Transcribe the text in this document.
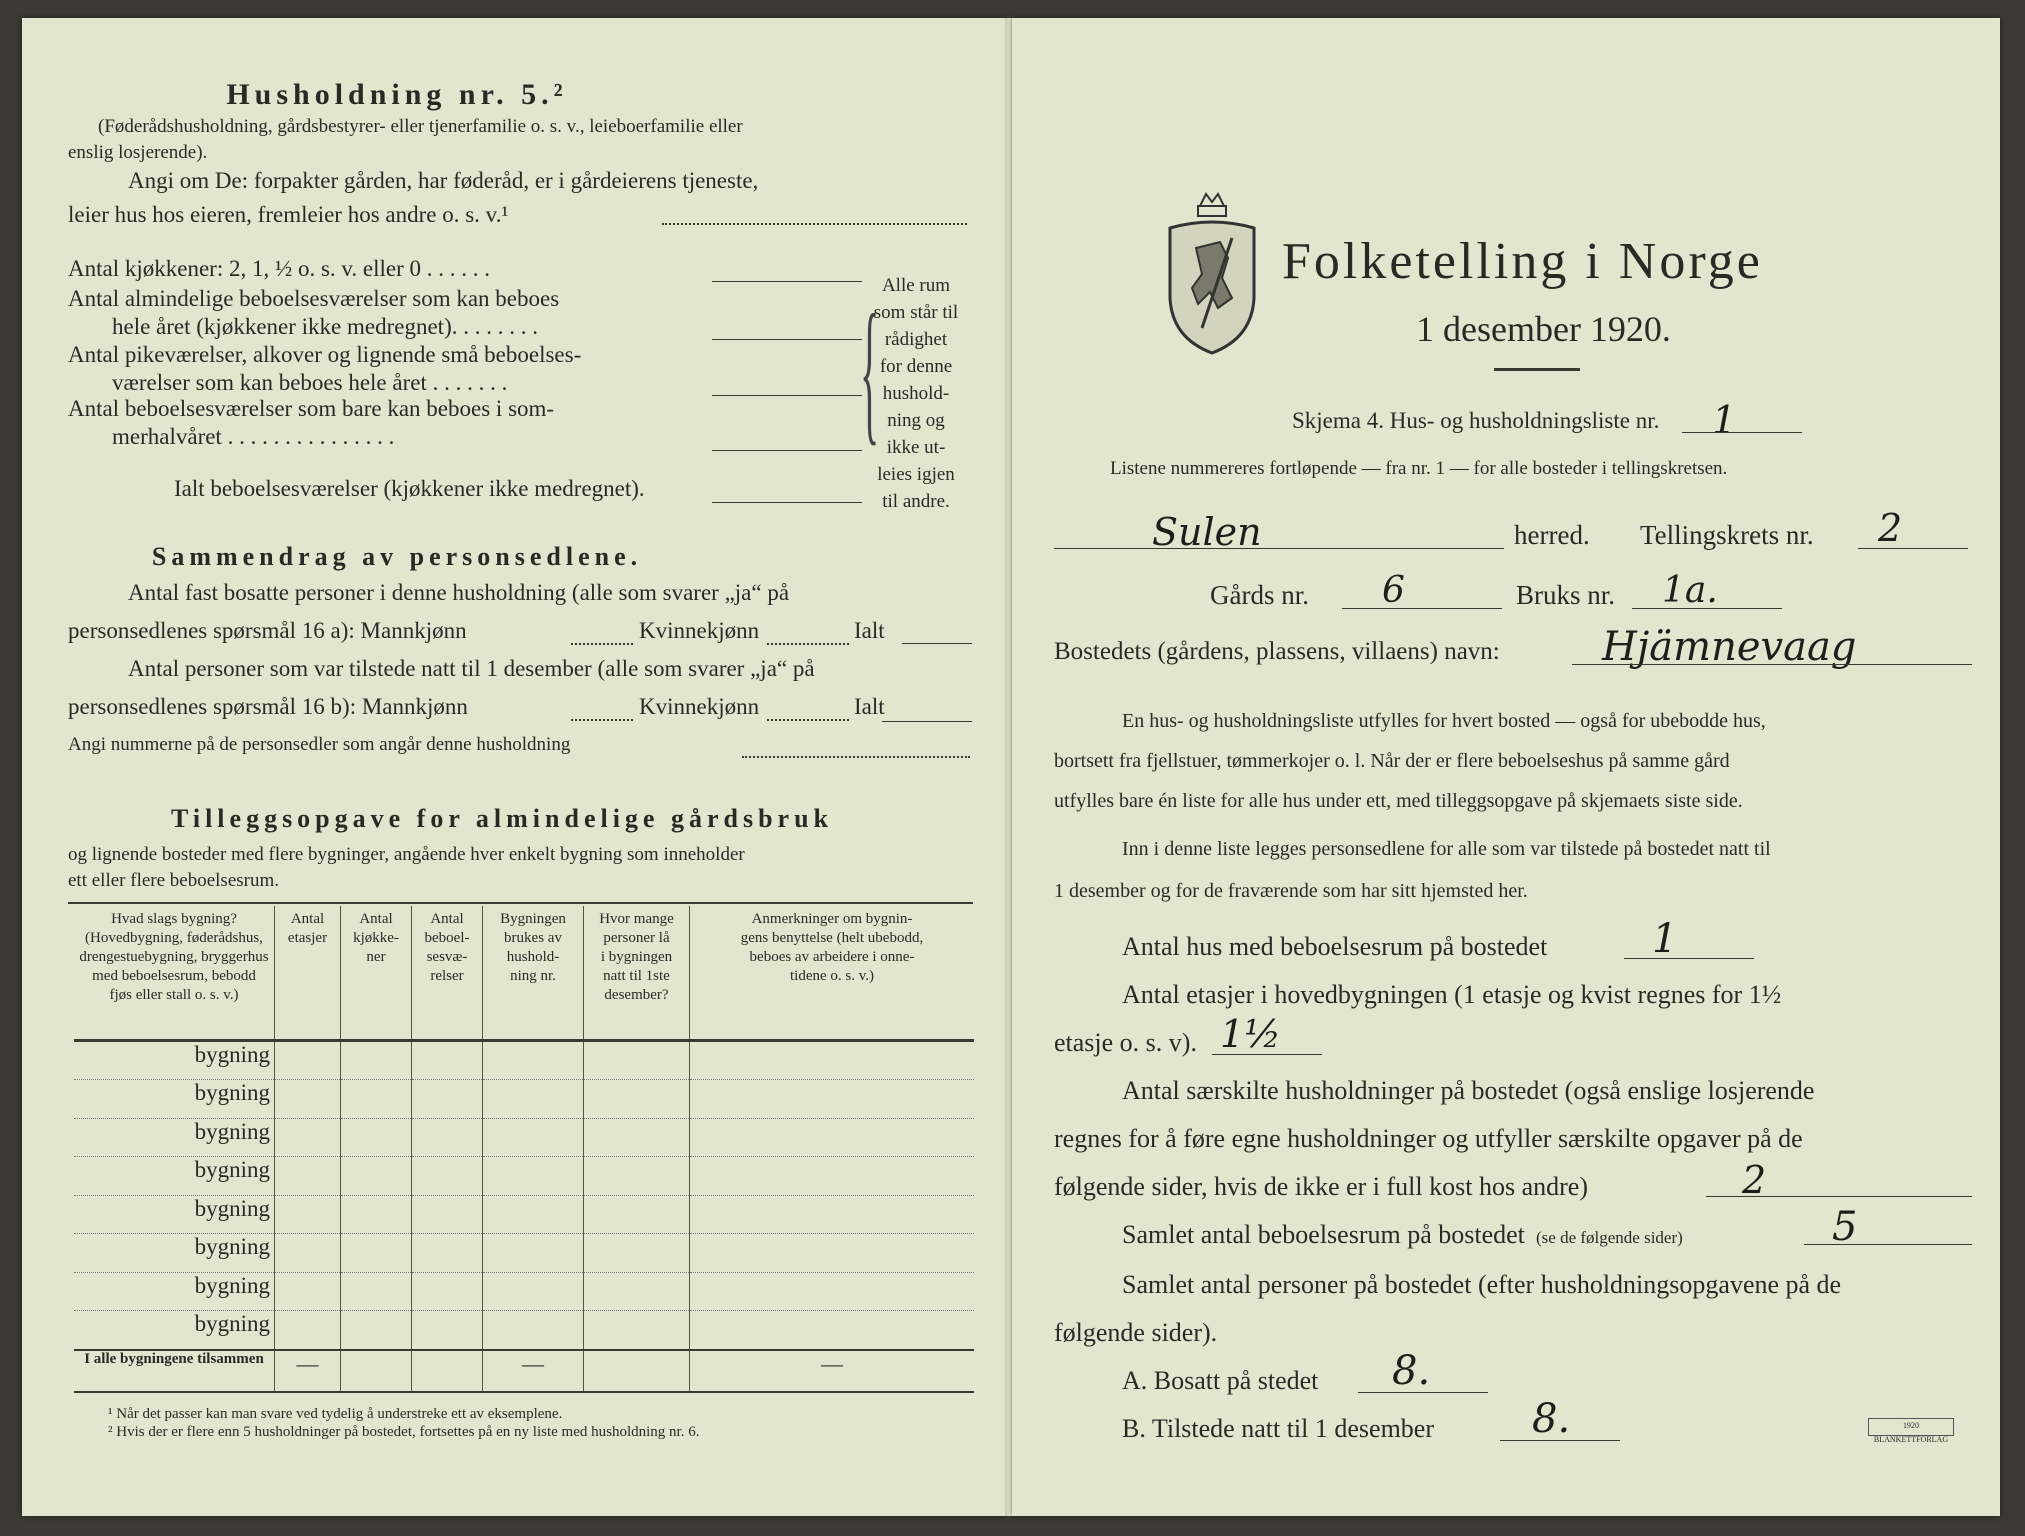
Husholdning nr. 5.²
(Føderådshusholdning, gårdsbestyrer- eller tjenerfamilie o. s. v., leieboerfamilie eller
enslig losjerende).
Angi om De: forpakter gården, har føderåd, er i gårdeierens tjeneste,
leier hus hos eieren, fremleier hos andre o. s. v.¹
Antal kjøkkener: 2, 1, ½ o. s. v. eller 0 . . . . . .
Antal almindelige beboelsesværelser som kan beboes
hele året (kjøkkener ikke medregnet). . . . . . . .
Antal pikeværelser, alkover og lignende små beboelses-
værelser som kan beboes hele året . . . . . . .
Antal beboelsesværelser som bare kan beboes i som-
merhalvåret . . . . . . . . . . . . . . .
Ialt beboelsesværelser (kjøkkener ikke medregnet).
{ Alle rum
som står til
rådighet
for denne
hushold-
ning og
ikke ut-
leies igjen
til andre.
Sammendrag av personsedlene.
Antal fast bosatte personer i denne husholdning (alle som svarer „ja“ på
personsedlenes spørsmål 16 a): Mannkjønn	Kvinnekjønn	Ialt
Antal personer som var tilstede natt til 1 desember (alle som svarer „ja“ på
personsedlenes spørsmål 16 b): Mannkjønn	Kvinnekjønn	Ialt
Angi nummerne på de personsedler som angår denne husholdning
Tilleggsopgave for almindelige gårdsbruk
og lignende bosteder med flere bygninger, angående hver enkelt bygning som inneholder
ett eller flere beboelsesrum.
Hvad slags bygning?
(Hovedbygning, føderådshus,
drengestuebygning, bryggerhus
med beboelsesrum, bebodd
fjøs eller stall o. s. v.)	Antal
etasjer	Antal
kjøkke-
ner	Antal
beboel-
sesvæ-
relser	Bygningen
brukes av
hushold-
ning nr.	Hvor mange
personer lå
i bygningen
natt til 1ste
desember?	Anmerkninger om bygnin-
gens benyttelse (helt ubebodd,
beboes av arbeidere i onne-
tidene o. s. v.)
bygning						
bygning						
bygning						
bygning						
bygning						
bygning						
bygning						
bygning						
I alle bygningene tilsammen	—			—		—
¹ Når det passer kan man svare ved tydelig å understreke ett av eksemplene.
² Hvis der er flere enn 5 husholdninger på bostedet, fortsettes på en ny liste med husholdning nr. 6.
Folketelling i Norge
1 desember 1920.
Skjema 4. Hus- og husholdningsliste nr. 1
Listene nummereres fortløpende — fra nr. 1 — for alle bosteder i tellingskretsen.
Sulen	herred. Tellingskrets nr. 2
Gårds nr. 6	Bruks nr. 1a.
Bostedets (gårdens, plassens, villaens) navn:	Hjämnevaag
En hus- og husholdningsliste utfylles for hvert bosted — også for ubebodde hus,
bortsett fra fjellstuer, tømmerkojer o. l. Når der er flere beboelseshus på samme gård
utfylles bare én liste for alle hus under ett, med tilleggsopgave på skjemaets siste side.
Inn i denne liste legges personsedlene for alle som var tilstede på bostedet natt til
1 desember og for de fraværende som har sitt hjemsted her.
Antal hus med beboelsesrum på bostedet	1
Antal etasjer i hovedbygningen (1 etasje og kvist regnes for 1½
etasje o. s. v). 1½
Antal særskilte husholdninger på bostedet (også enslige losjerende
regnes for å føre egne husholdninger og utfyller særskilte opgaver på de
følgende sider, hvis de ikke er i full kost hos andre)	2
Samlet antal beboelsesrum på bostedet (se de følgende sider)	5
Samlet antal personer på bostedet (efter husholdningsopgavene på de
følgende sider).
A. Bosatt på stedet 8.
B. Tilstede natt til 1 desember 8.	1920 BLANKETTFORLAG
